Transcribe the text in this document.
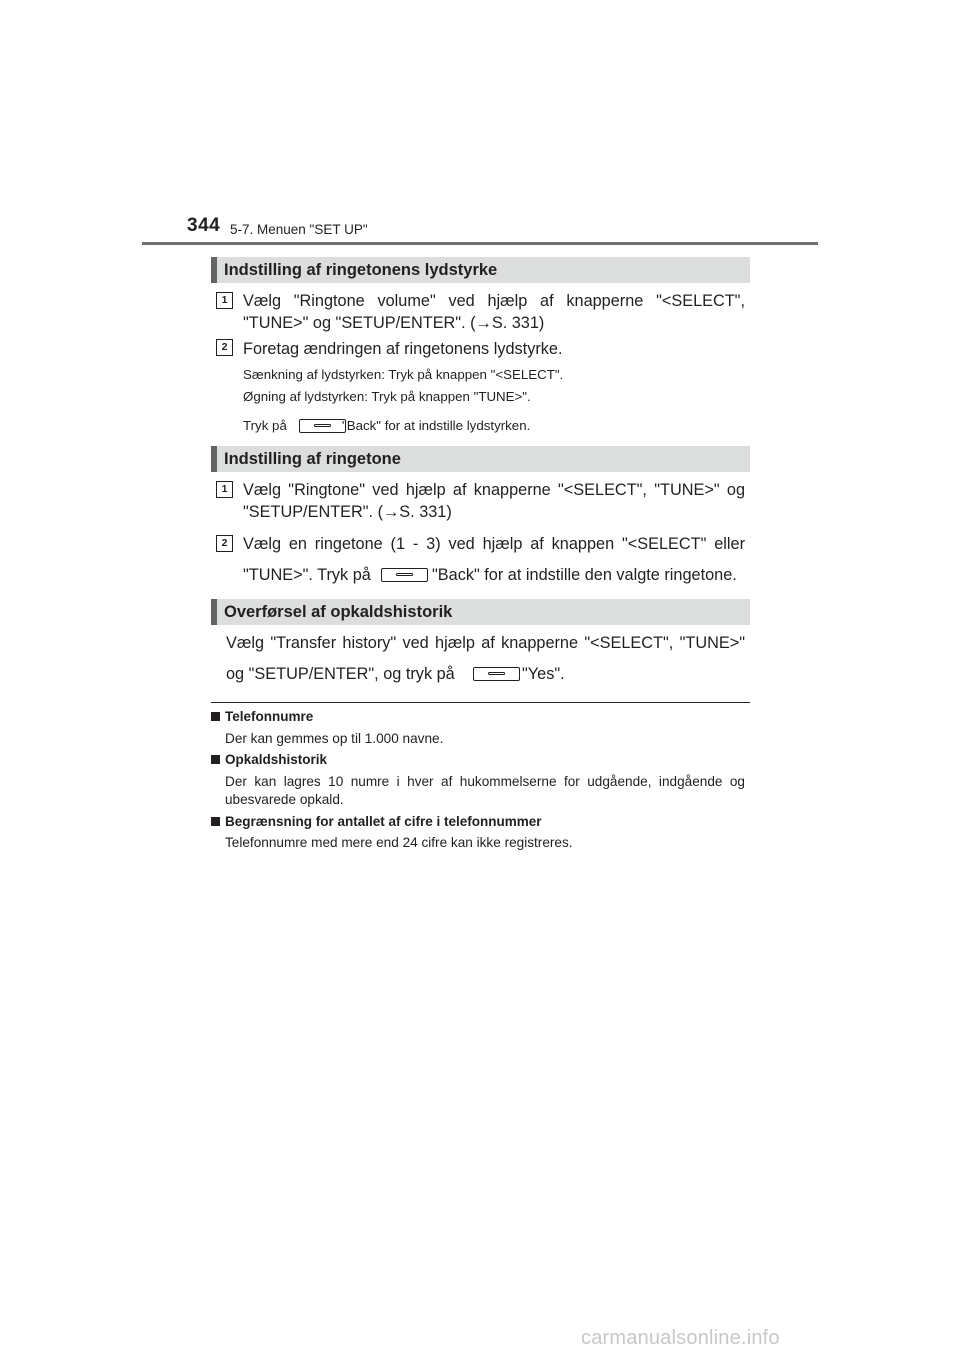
344 5-7. Menuen "SET UP"
Indstilling af ringetonens lydstyrke
1 Vælg "Ringtone volume" ved hjælp af knapperne "<SELECT",
"TUNE>" og "SETUP/ENTER". (→S. 331)
2 Foretag ændringen af ringetonens lydstyrke.
Sænkning af lydstyrken: Tryk på knappen "<SELECT".
Øgning af lydstyrken: Tryk på knappen "TUNE>".
Tryk på	"Back" for at indstille lydstyrken.
Indstilling af ringetone
1 Vælg "Ringtone" ved hjælp af knapperne "<SELECT", "TUNE>" og
"SETUP/ENTER". (→S. 331)
2 Vælg en ringetone (1 - 3) ved hjælp af knappen "<SELECT" eller
"TUNE>". Tryk på	"Back" for at indstille den valgte ringetone.
Overførsel af opkaldshistorik
Vælg "Transfer history" ved hjælp af knapperne "<SELECT", "TUNE>"
og "SETUP/ENTER", og tryk på	"Yes".
Telefonnumre
Der kan gemmes op til 1.000 navne.
Opkaldshistorik
Der kan lagres 10 numre i hver af hukommelserne for udgående, indgående og ubesvarede opkald.
Begrænsning for antallet af cifre i telefonnummer
Telefonnumre med mere end 24 cifre kan ikke registreres.
carmanualsonline.info
